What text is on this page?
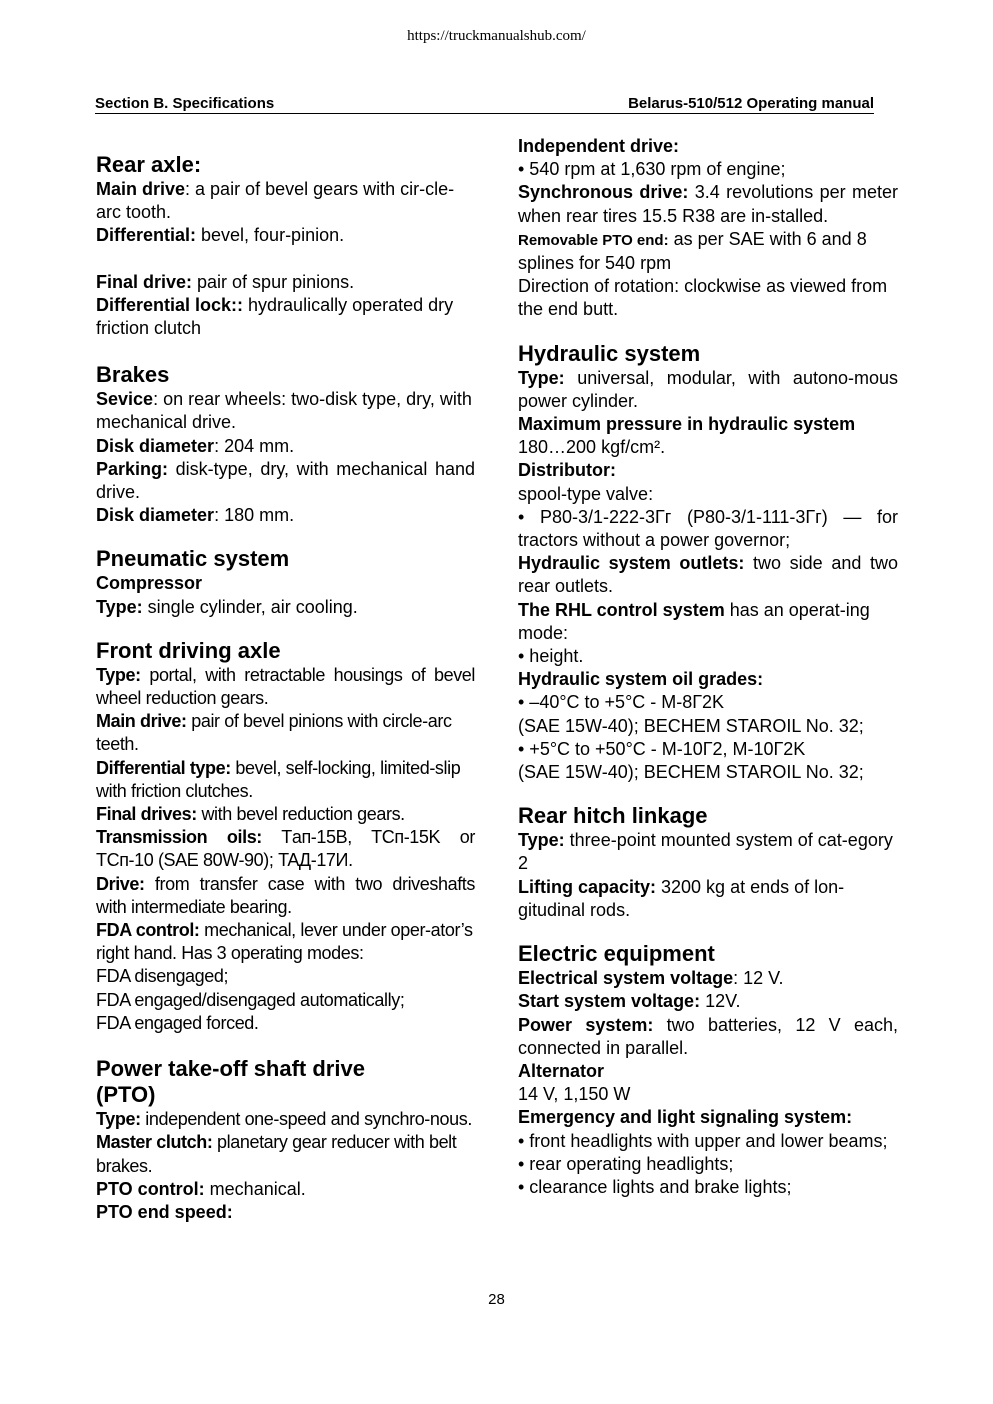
https://truckmanualshub.com/
Section B. Specifications	Belarus-510/512 Operating manual

Rear axle:

Main drive: a pair of bevel gears with cir-cle-arc tooth.

Differential: bevel, four-pinion.

Final drive: pair of spur pinions.

Differential lock:: hydraulically operated dry friction clutch

Brakes

Sevice: on rear wheels: two-disk type, dry, with mechanical drive.

Disk diameter: 204 mm.

Parking: disk-type, dry, with mechanical hand drive.

Disk diameter: 180 mm.

Pneumatic system

Compressor

Type: single cylinder, air cooling.

Front driving axle

Type: portal, with retractable housings of bevel wheel reduction gears.

Main drive: pair of bevel pinions with circle-arc teeth.

Differential type: bevel, self-locking, limited-slip with friction clutches.

Final drives: with bevel reduction gears.

Transmission oils: Tап-15B, TCп-15K or TCп-10 (SAE 80W-90); TAД-17И.

Drive: from transfer case with two driveshafts with intermediate bearing.

FDA control: mechanical, lever under oper-ator’s right hand. Has 3 operating modes:

FDA disengaged;

FDA engaged/disengaged automatically;

FDA engaged forced.

Power take-off shaft drive

(PTO)

Type: independent one-speed and synchro-nous.

Master clutch: planetary gear reducer with belt brakes.

PTO control: mechanical.

PTO end speed:

Independent drive:

• 540 rpm at 1,630 rpm of engine;

Synchronous drive: 3.4 revolutions per meter when rear tires 15.5 R38 are in-stalled.

Removable PTO end: as per SAE with 6 and 8 splines for 540 rpm

Direction of rotation: clockwise as viewed from the end butt.

Hydraulic system

Type: universal, modular, with autono-mous power cylinder.

Maximum pressure in hydraulic system

180…200 kgf/cm².

Distributor:

spool-type valve:

• P80-3/1-222-3Гг (P80-3/1-111-3Гг) — for tractors without a power governor;

Hydraulic system outlets: two side and two rear outlets.

The RHL control system has an operat-ing mode:

• height.

Hydraulic system oil grades:

• –40°C to +5°C - M-8Г2K

(SAE 15W-40); BECHEM STAROIL No. 32;

• +5°C to +50°C - M-10Г2, M-10Г2K

(SAE 15W-40); BECHEM STAROIL No. 32;

Rear hitch linkage

Type: three-point mounted system of cat-egory 2

Lifting capacity: 3200 kg at ends of lon-gitudinal rods.

Electric equipment

Electrical system voltage: 12 V.

Start system voltage: 12V.

Power system: two batteries, 12 V each, connected in parallel.

Alternator

14 V, 1,150 W

Emergency and light signaling system:

• front headlights with upper and lower beams;

• rear operating headlights;

• clearance lights and brake lights;

28
